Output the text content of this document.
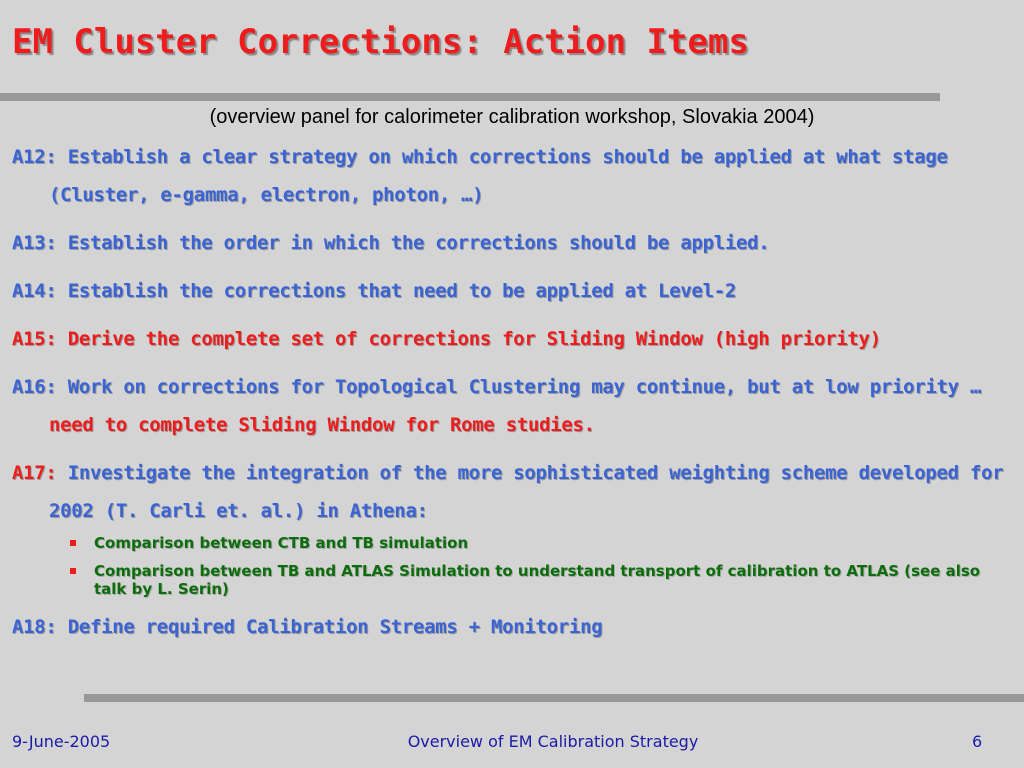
EM Cluster Corrections: Action Items
(overview panel for calorimeter calibration workshop, Slovakia 2004)
A12: Establish a clear strategy on which corrections should be applied at what stage (Cluster, e-gamma, electron, photon, …)
A13: Establish the order in which the corrections should be applied.
A14: Establish the corrections that need to be applied at Level-2
A15: Derive the complete set of corrections for Sliding Window (high priority)
A16: Work on corrections for Topological Clustering may continue, but at low priority … need to complete Sliding Window for Rome studies.
A17: Investigate the integration of the more sophisticated weighting scheme developed for 2002 (T. Carli et. al.) in Athena:
Comparison between CTB and TB simulation
Comparison between TB and ATLAS Simulation to understand transport of calibration to ATLAS (see also talk by L. Serin)
A18: Define required Calibration Streams + Monitoring
9-June-2005	Overview of EM Calibration Strategy	6
